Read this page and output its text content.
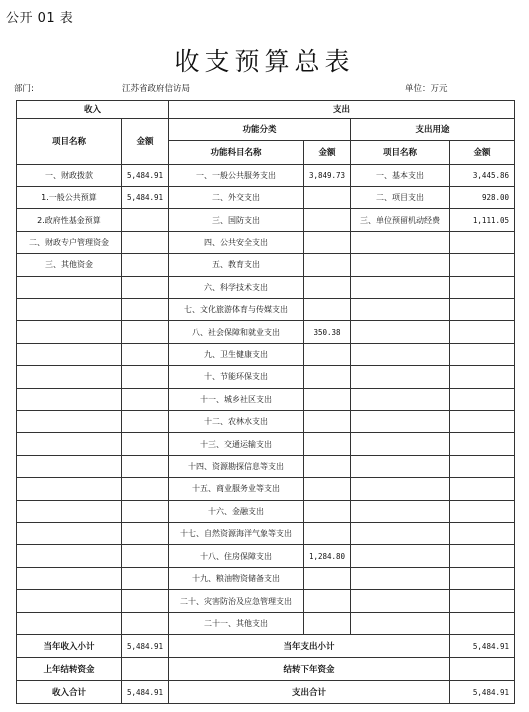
公开 01 表
收支预算总表
部门:	江苏省政府信访局	单位：万元
收入		支出			
项目名称	金额	功能分类		支出用途	
		功能科目名称	金额	项目名称	金额
一、财政拨款	5,484.91	一、一般公共服务支出	3,849.73	一、基本支出	3,445.86
1.一般公共预算	5,484.91	二、外交支出		二、项目支出	928.00
2.政府性基金预算		三、国防支出		三、单位预留机动经费	1,111.05
二、财政专户管理资金		四、公共安全支出			
三、其他资金		五、教育支出			
		六、科学技术支出			
		七、文化旅游体育与传媒支出			
		八、社会保障和就业支出	350.38		
		九、卫生健康支出			
		十、节能环保支出			
		十一、城乡社区支出			
		十二、农林水支出			
		十三、交通运输支出			
		十四、资源勘探信息等支出			
		十五、商业服务业等支出			
		十六、金融支出			
		十七、自然资源海洋气象等支出			
		十八、住房保障支出	1,284.80		
		十九、粮油物资储备支出			
		二十、灾害防治及应急管理支出			
		二十一、其他支出			
当年收入小计	5,484.91	当年支出小计			5,484.91
上年结转资金		结转下年资金			
收入合计	5,484.91	支出合计			5,484.91
